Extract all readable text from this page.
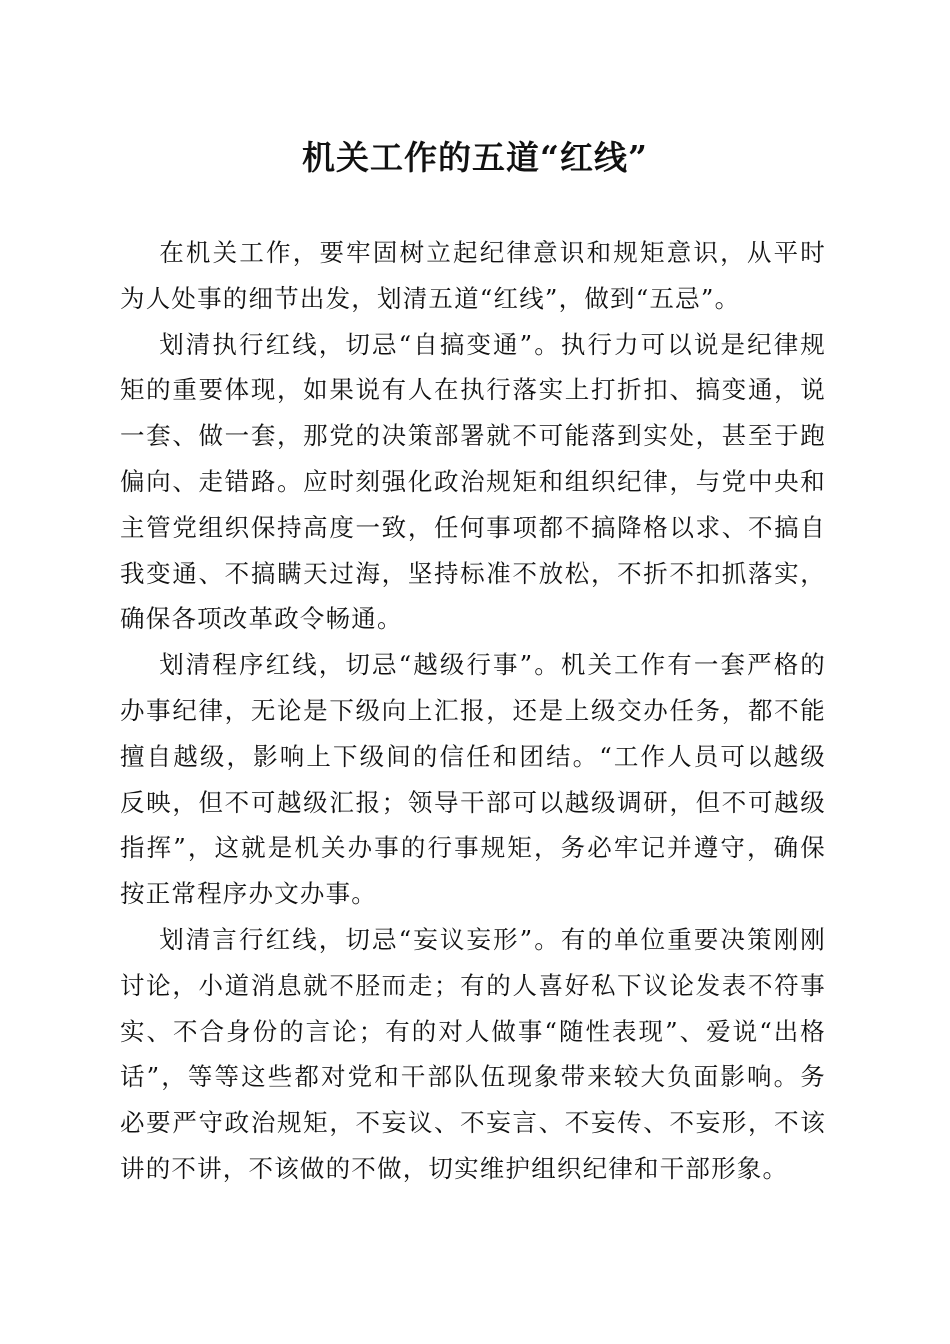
机关工作的五道“红线”

在机关工作，要牢固树立起纪律意识和规矩意识，从平时为人处事的细节出发，划清五道“红线”，做到“五忌”。

划清执行红线，切忌“自搞变通”。执行力可以说是纪律规矩的重要体现，如果说有人在执行落实上打折扣、搞变通，说一套、做一套，那党的决策部署就不可能落到实处，甚至于跑偏向、走错路。应时刻强化政治规矩和组织纪律，与党中央和主管党组织保持高度一致，任何事项都不搞降格以求、不搞自我变通、不搞瞒天过海，坚持标准不放松，不折不扣抓落实，确保各项改革政令畅通。

划清程序红线，切忌“越级行事”。机关工作有一套严格的办事纪律，无论是下级向上汇报，还是上级交办任务，都不能擅自越级，影响上下级间的信任和团结。“工作人员可以越级反映，但不可越级汇报；领导干部可以越级调研，但不可越级指挥”，这就是机关办事的行事规矩，务必牢记并遵守，确保按正常程序办文办事。

划清言行红线，切忌“妄议妄形”。有的单位重要决策刚刚讨论，小道消息就不胫而走；有的人喜好私下议论发表不符事实、不合身份的言论；有的对人做事“随性表现”、爱说“出格话”，等等这些都对党和干部队伍现象带来较大负面影响。务必要严守政治规矩，不妄议、不妄言、不妄传、不妄形，不该讲的不讲，不该做的不做，切实维护组织纪律和干部形象。
